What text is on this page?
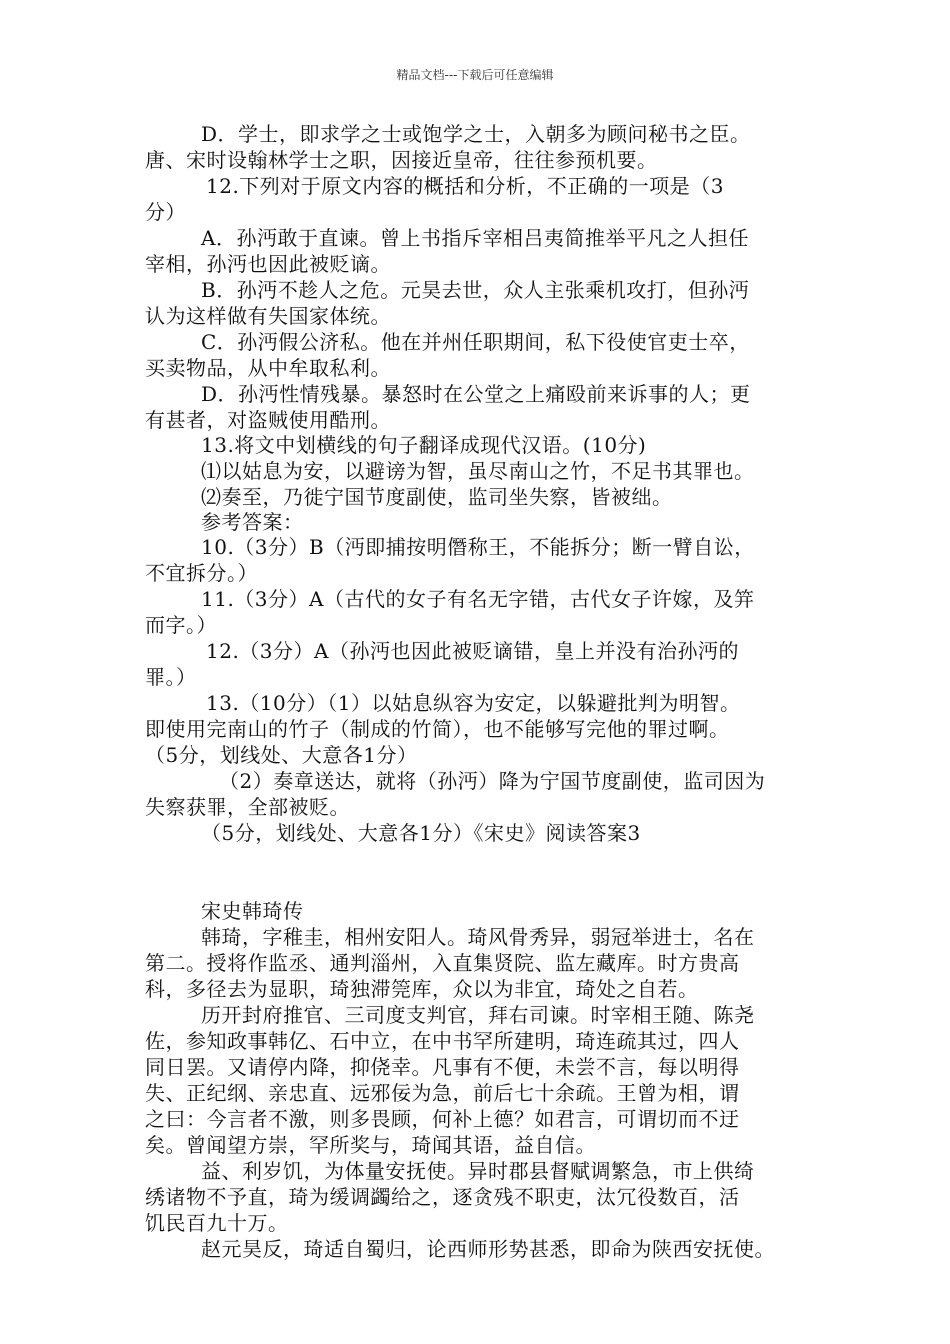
精品文档---下载后可任意编辑
D．学士，即求学之士或饱学之士，入朝多为顾问秘书之臣。
唐、宋时设翰林学士之职，因接近皇帝，往往参预机要。
12.下列对于原文内容的概括和分析，不正确的一项是（3
分）
A．孙沔敢于直谏。曾上书指斥宰相吕夷简推举平凡之人担任
宰相，孙沔也因此被贬谪。
B．孙沔不趁人之危。元昊去世，众人主张乘机攻打，但孙沔
认为这样做有失国家体统。
C．孙沔假公济私。他在并州任职期间，私下役使官吏士卒，
买卖物品，从中牟取私利。
D．孙沔性情残暴。暴怒时在公堂之上痛殴前来诉事的人；更
有甚者，对盗贼使用酷刑。
13.将文中划横线的句子翻译成现代汉语。(10分)
⑴以姑息为安，以避谤为智，虽尽南山之竹，不足书其罪也。
⑵奏至，乃徙宁国节度副使，监司坐失察，皆被绌。
参考答案：
10.（3分）B（沔即捕按明僭称王，不能拆分；断一臂自讼，
不宜拆分。）
11.（3分）A（古代的女子有名无字错，古代女子许嫁，及笄
而字。）
12.（3分）A（孙沔也因此被贬谪错，皇上并没有治孙沔的
罪。）
13.（10分）（1）以姑息纵容为安定，以躲避批判为明智。
即使用完南山的竹子（制成的竹简），也不能够写完他的罪过啊。
（5分，划线处、大意各1分）
（2）奏章送达，就将（孙沔）降为宁国节度副使，监司因为
失察获罪，全部被贬。
（5分，划线处、大意各1分）《宋史》阅读答案3
宋史韩琦传
韩琦，字稚圭，相州安阳人。琦风骨秀异，弱冠举进士，名在
第二。授将作监丞、通判淄州，入直集贤院、监左藏库。时方贵高
科，多径去为显职，琦独滞筦库，众以为非宜，琦处之自若。
历开封府推官、三司度支判官，拜右司谏。时宰相王随、陈尧
佐，参知政事韩亿、石中立，在中书罕所建明，琦连疏其过，四人
同日罢。又请停内降，抑侥幸。凡事有不便，未尝不言，每以明得
失、正纪纲、亲忠直、远邪佞为急，前后七十余疏。王曾为相，谓
之曰：今言者不激，则多畏顾，何补上德？如君言，可谓切而不迂
矣。曾闻望方崇，罕所奖与，琦闻其语，益自信。
益、利岁饥，为体量安抚使。异时郡县督赋调繁急，市上供绮
绣诸物不予直，琦为缓调蠲给之，逐贪残不职吏，汰冗役数百，活
饥民百九十万。
赵元昊反，琦适自蜀归，论西师形势甚悉，即命为陕西安抚使。
